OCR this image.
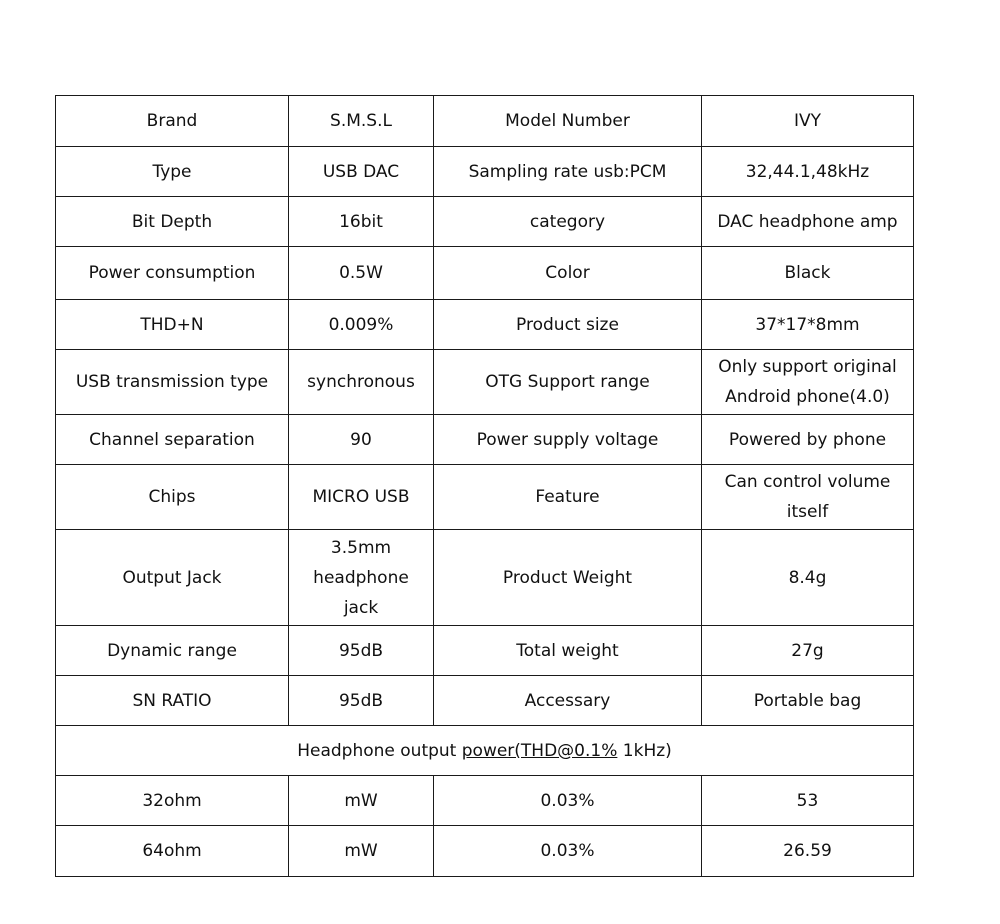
Brand	S.M.S.L	Model Number	IVY
Type	USB DAC	Sampling rate usb:PCM	32,44.1,48kHz
Bit Depth	16bit	category	DAC headphone amp
Power consumption	0.5W	Color	Black
THD+N	0.009%	Product size	37*17*8mm
USB transmission type	synchronous	OTG Support range	Only support original Android phone(4.0)
Channel separation	90	Power supply voltage	Powered by phone
Chips	MICRO USB	Feature	Can control volume itself
Output Jack	3.5mm headphone jack	Product Weight	8.4g
Dynamic range	95dB	Total weight	27g
SN RATIO	95dB	Accessary	Portable bag
Headphone output power(THD@0.1% 1kHz)			
32ohm	mW	0.03%	53
64ohm	mW	0.03%	26.59
